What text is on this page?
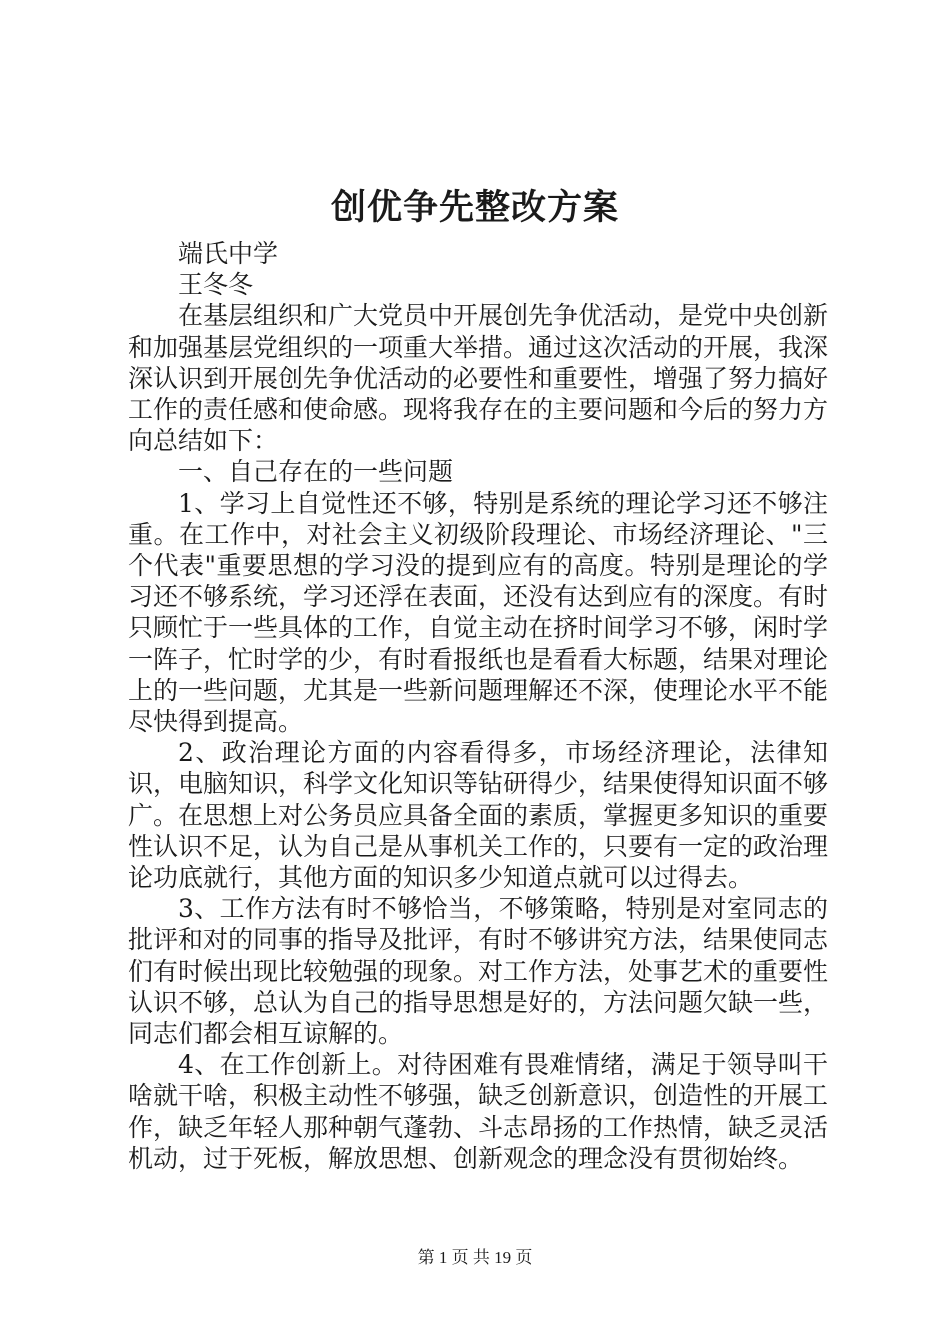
创优争先整改方案

端氏中学

王冬冬

在基层组织和广大党员中开展创先争优活动，是党中央创新和加强基层党组织的一项重大举措。通过这次活动的开展，我深深认识到开展创先争优活动的必要性和重要性，增强了努力搞好工作的责任感和使命感。现将我存在的主要问题和今后的努力方向总结如下：

一、自己存在的一些问题

1、学习上自觉性还不够，特别是系统的理论学习还不够注重。在工作中，对社会主义初级阶段理论、市场经济理论、"三个代表"重要思想的学习没的提到应有的高度。特别是理论的学习还不够系统，学习还浮在表面，还没有达到应有的深度。有时只顾忙于一些具体的工作，自觉主动在挤时间学习不够，闲时学一阵子，忙时学的少，有时看报纸也是看看大标题，结果对理论上的一些问题，尤其是一些新问题理解还不深，使理论水平不能尽快得到提高。

2、政治理论方面的内容看得多，市场经济理论，法律知识，电脑知识，科学文化知识等钻研得少，结果使得知识面不够广。在思想上对公务员应具备全面的素质，掌握更多知识的重要性认识不足，认为自己是从事机关工作的，只要有一定的政治理论功底就行，其他方面的知识多少知道点就可以过得去。

3、工作方法有时不够恰当，不够策略，特别是对室同志的批评和对的同事的指导及批评，有时不够讲究方法，结果使同志们有时候出现比较勉强的现象。对工作方法，处事艺术的重要性认识不够，总认为自己的指导思想是好的，方法问题欠缺一些，同志们都会相互谅解的。

4、在工作创新上。对待困难有畏难情绪，满足于领导叫干啥就干啥，积极主动性不够强，缺乏创新意识，创造性的开展工作，缺乏年轻人那种朝气蓬勃、斗志昂扬的工作热情，缺乏灵活机动，过于死板，解放思想、创新观念的理念没有贯彻始终。

第 1 页 共 19 页
